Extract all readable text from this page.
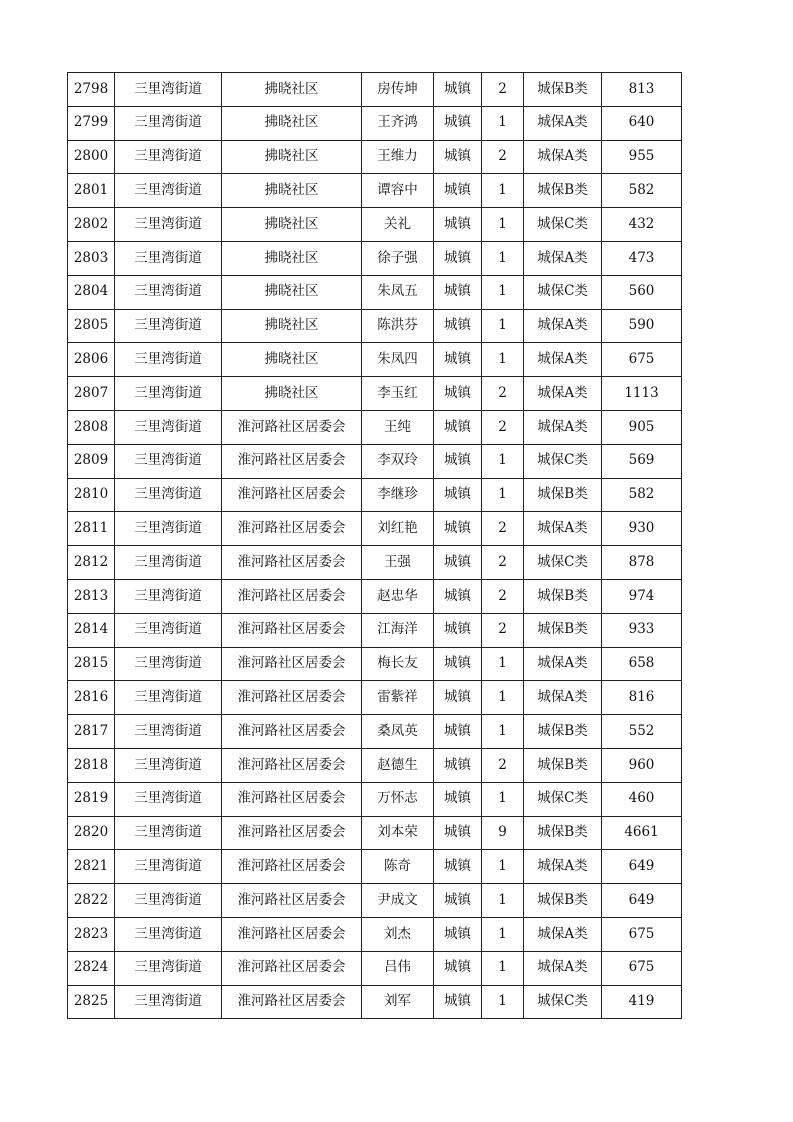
2798	三里湾街道	拂晓社区	房传坤	城镇	2	城保B类	813
2799	三里湾街道	拂晓社区	王齐鸿	城镇	1	城保A类	640
2800	三里湾街道	拂晓社区	王维力	城镇	2	城保A类	955
2801	三里湾街道	拂晓社区	谭容中	城镇	1	城保B类	582
2802	三里湾街道	拂晓社区	关礼	城镇	1	城保C类	432
2803	三里湾街道	拂晓社区	徐子强	城镇	1	城保A类	473
2804	三里湾街道	拂晓社区	朱凤五	城镇	1	城保C类	560
2805	三里湾街道	拂晓社区	陈洪芬	城镇	1	城保A类	590
2806	三里湾街道	拂晓社区	朱凤四	城镇	1	城保A类	675
2807	三里湾街道	拂晓社区	李玉红	城镇	2	城保A类	1113
2808	三里湾街道	淮河路社区居委会	王纯	城镇	2	城保A类	905
2809	三里湾街道	淮河路社区居委会	李双玲	城镇	1	城保C类	569
2810	三里湾街道	淮河路社区居委会	李继珍	城镇	1	城保B类	582
2811	三里湾街道	淮河路社区居委会	刘红艳	城镇	2	城保A类	930
2812	三里湾街道	淮河路社区居委会	王强	城镇	2	城保C类	878
2813	三里湾街道	淮河路社区居委会	赵忠华	城镇	2	城保B类	974
2814	三里湾街道	淮河路社区居委会	江海洋	城镇	2	城保B类	933
2815	三里湾街道	淮河路社区居委会	梅长友	城镇	1	城保A类	658
2816	三里湾街道	淮河路社区居委会	雷紫祥	城镇	1	城保A类	816
2817	三里湾街道	淮河路社区居委会	桑凤英	城镇	1	城保B类	552
2818	三里湾街道	淮河路社区居委会	赵德生	城镇	2	城保B类	960
2819	三里湾街道	淮河路社区居委会	万怀志	城镇	1	城保C类	460
2820	三里湾街道	淮河路社区居委会	刘本荣	城镇	9	城保B类	4661
2821	三里湾街道	淮河路社区居委会	陈奇	城镇	1	城保A类	649
2822	三里湾街道	淮河路社区居委会	尹成文	城镇	1	城保B类	649
2823	三里湾街道	淮河路社区居委会	刘杰	城镇	1	城保A类	675
2824	三里湾街道	淮河路社区居委会	吕伟	城镇	1	城保A类	675
2825	三里湾街道	淮河路社区居委会	刘军	城镇	1	城保C类	419
